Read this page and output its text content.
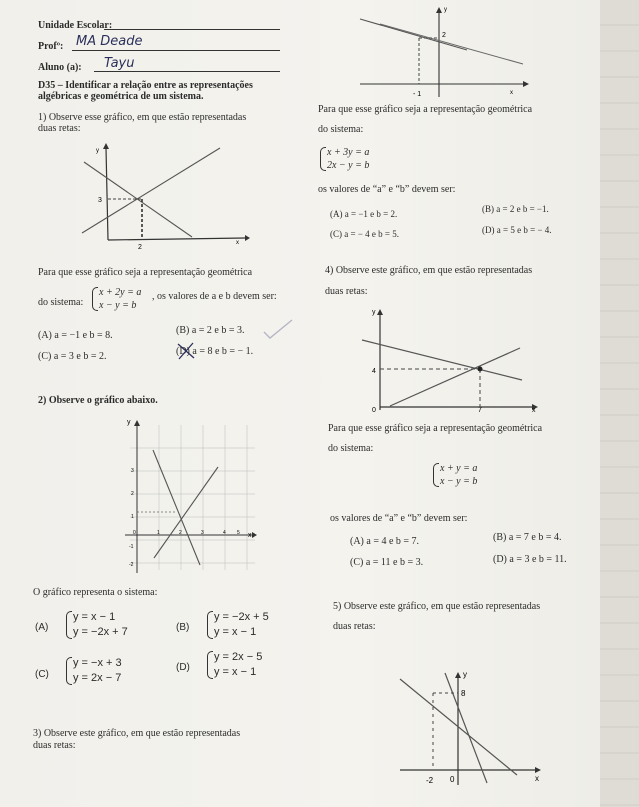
Unidade Escolar:
Profº: MA Deade
Aluno (a): Tayu
D35 – Identificar a relação entre as representações
algébricas e geométrica de um sistema.
1) Observe esse gráfico, em que estão representadas
duas retas:
y
x
3
2
Para que esse gráfico seja a representação geométrica
do sistema:
x + 2y = a
x − y = b
, os valores de a e b devem ser:
(A) a = −1 e b = 8.	(B) a = 2 e b = 3.
(C) a = 3 e b = 2.	(D) a = 8 e b = − 1.
2) Observe o gráfico abaixo.
y
x
3
2
1
-1
-2
0	1	2	3	4 5
O gráfico representa o sistema:
(A)
y = x − 1
y = −2x + 7	(B)
y = −2x + 5
y = x − 1
(C)
y = −x + 3
y = 2x − 7
(D)
y = 2x − 5
y = x − 1
3) Observe este gráfico, em que estão representadas
duas retas:
y
x
2
- 1
Para que esse gráfico seja a representação geométrica
do sistema:
x + 3y = a
2x − y = b
os valores de “a” e “b” devem ser:
(A) a = −1 e b = 2.	(B) a = 2 e b = −1.
(C) a = − 4 e b = 5.	(D) a = 5 e b = − 4.
4) Observe este gráfico, em que estão representadas
duas retas:
y
x
4
7
0
Para que esse gráfico seja a representação geométrica
do sistema:
x + y = a
x − y = b
os valores de “a” e “b” devem ser:
(A) a = 4 e b = 7.	(B) a = 7 e b = 4.
(C) a = 11 e b = 3.	(D) a = 3 e b = 11.
5) Observe este gráfico, em que estão representadas
duas retas:
y
x
8
-2 0
